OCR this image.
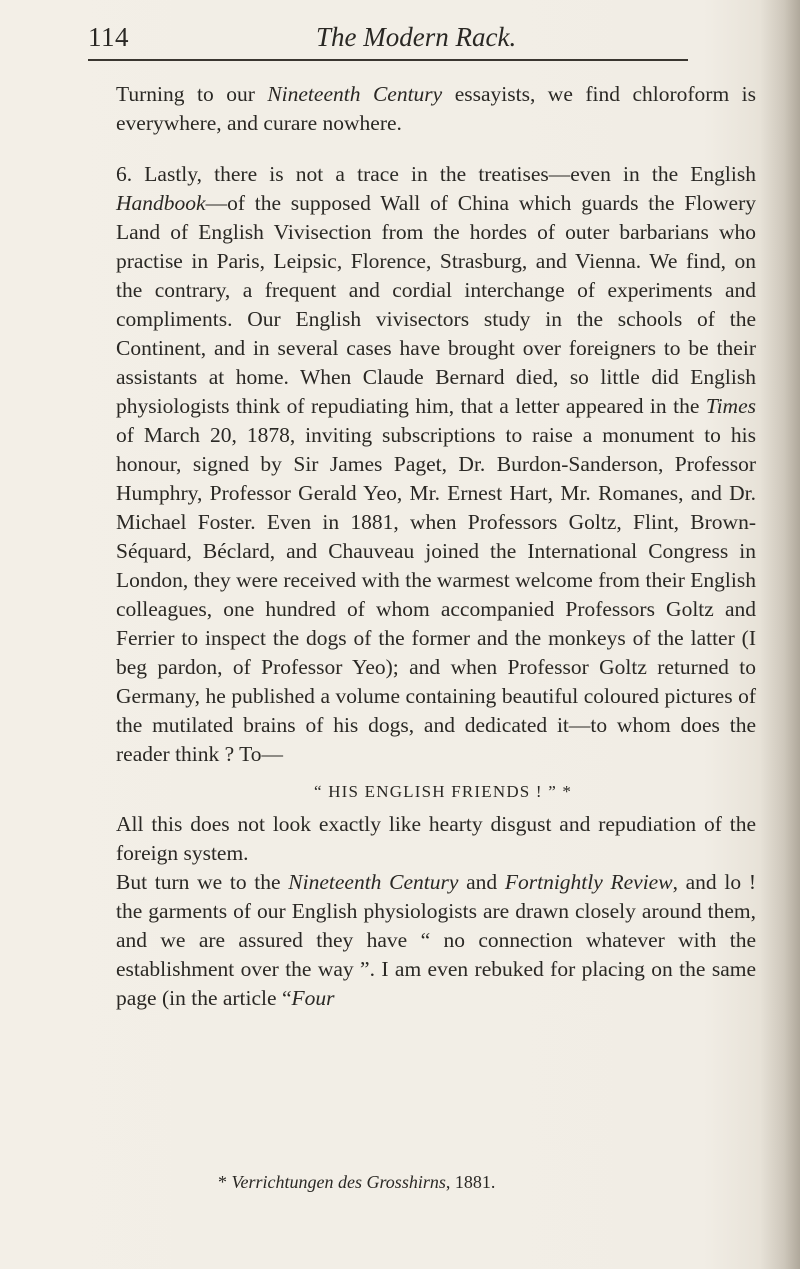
114	The Modern Rack.

Turning to our Nineteenth Century essayists, we find chloroform is everywhere, and curare nowhere.

6. Lastly, there is not a trace in the treatises—even in the English Handbook—of the supposed Wall of China which guards the Flowery Land of English Vivisection from the hordes of outer barbarians who practise in Paris, Leipsic, Florence, Strasburg, and Vienna. We find, on the contrary, a frequent and cordial interchange of experiments and compliments. Our English vivisectors study in the schools of the Continent, and in several cases have brought over foreigners to be their assistants at home. When Claude Bernard died, so little did English physiologists think of repudiating him, that a letter appeared in the Times of March 20, 1878, inviting subscriptions to raise a monument to his honour, signed by Sir James Paget, Dr. Burdon-Sanderson, Professor Humphry, Professor Gerald Yeo, Mr. Ernest Hart, Mr. Romanes, and Dr. Michael Foster. Even in 1881, when Professors Goltz, Flint, Brown-Séquard, Béclard, and Chauveau joined the International Congress in London, they were received with the warmest welcome from their English colleagues, one hundred of whom accompanied Professors Goltz and Ferrier to inspect the dogs of the former and the monkeys of the latter (I beg pardon, of Professor Yeo); and when Professor Goltz returned to Germany, he published a volume containing beautiful coloured pictures of the mutilated brains of his dogs, and dedicated it—to whom does the reader think ? To—

“ HIS ENGLISH FRIENDS ! ” *

All this does not look exactly like hearty disgust and repudiation of the foreign system.

But turn we to the Nineteenth Century and Fortnightly Review, and lo ! the garments of our English physiologists are drawn closely around them, and we are assured they have “ no connection whatever with the establishment over the way ”. I am even rebuked for placing on the same page (in the article “Four

* Verrichtungen des Grosshirns, 1881.
